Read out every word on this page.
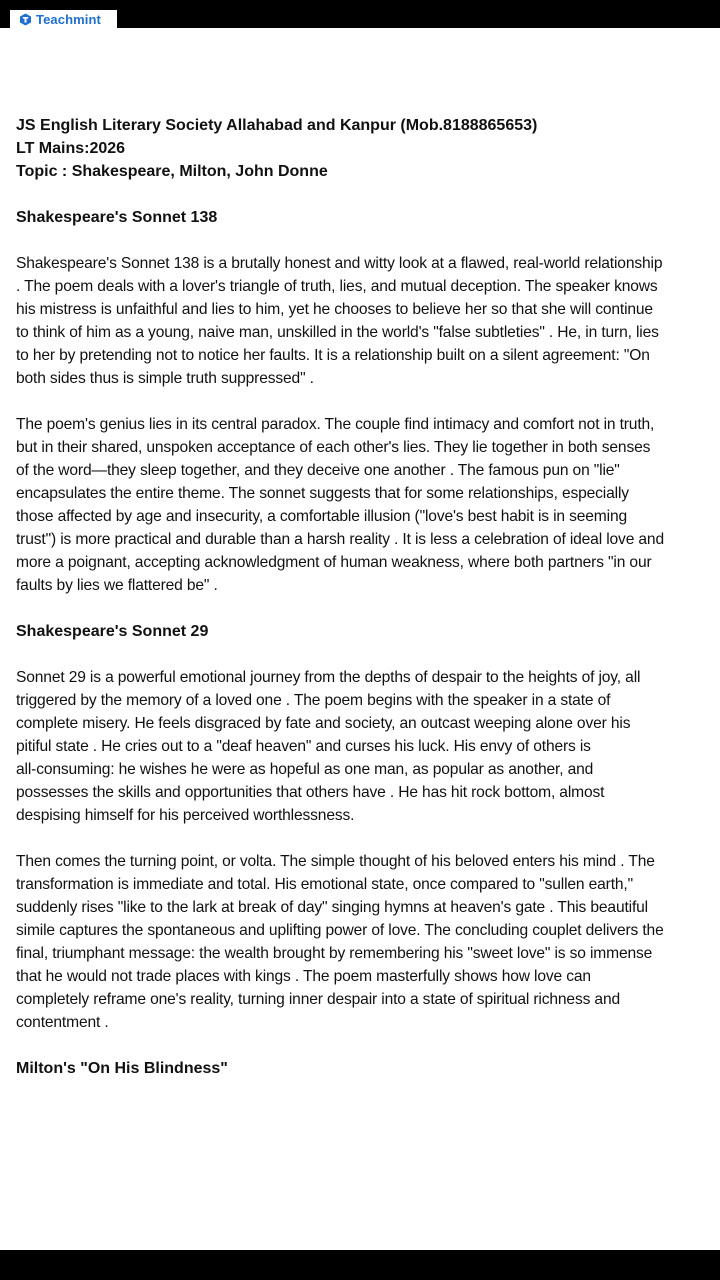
Teachmint
JS English Literary Society Allahabad and Kanpur (Mob.8188865653)
LT Mains:2026
Topic : Shakespeare, Milton, John Donne
Shakespeare's Sonnet 138
Shakespeare's Sonnet 138 is a brutally honest and witty look at a flawed, real-world relationship
. The poem deals with a lover's triangle of truth, lies, and mutual deception. The speaker knows
his mistress is unfaithful and lies to him, yet he chooses to believe her so that she will continue
to think of him as a young, naive man, unskilled in the world's "false subtleties" . He, in turn, lies
to her by pretending not to notice her faults. It is a relationship built on a silent agreement: "On
both sides thus is simple truth suppressed" .
The poem's genius lies in its central paradox. The couple find intimacy and comfort not in truth,
but in their shared, unspoken acceptance of each other's lies. They lie together in both senses
of the word—they sleep together, and they deceive one another . The famous pun on "lie"
encapsulates the entire theme. The sonnet suggests that for some relationships, especially
those affected by age and insecurity, a comfortable illusion ("love's best habit is in seeming
trust") is more practical and durable than a harsh reality . It is less a celebration of ideal love and
more a poignant, accepting acknowledgment of human weakness, where both partners "in our
faults by lies we flattered be" .
Shakespeare's Sonnet 29
Sonnet 29 is a powerful emotional journey from the depths of despair to the heights of joy, all
triggered by the memory of a loved one . The poem begins with the speaker in a state of
complete misery. He feels disgraced by fate and society, an outcast weeping alone over his
pitiful state . He cries out to a "deaf heaven" and curses his luck. His envy of others is
all-consuming: he wishes he were as hopeful as one man, as popular as another, and
possesses the skills and opportunities that others have . He has hit rock bottom, almost
despising himself for his perceived worthlessness.
Then comes the turning point, or volta. The simple thought of his beloved enters his mind . The
transformation is immediate and total. His emotional state, once compared to "sullen earth,"
suddenly rises "like to the lark at break of day" singing hymns at heaven's gate . This beautiful
simile captures the spontaneous and uplifting power of love. The concluding couplet delivers the
final, triumphant message: the wealth brought by remembering his "sweet love" is so immense
that he would not trade places with kings . The poem masterfully shows how love can
completely reframe one's reality, turning inner despair into a state of spiritual richness and
contentment .
Milton's "On His Blindness"
